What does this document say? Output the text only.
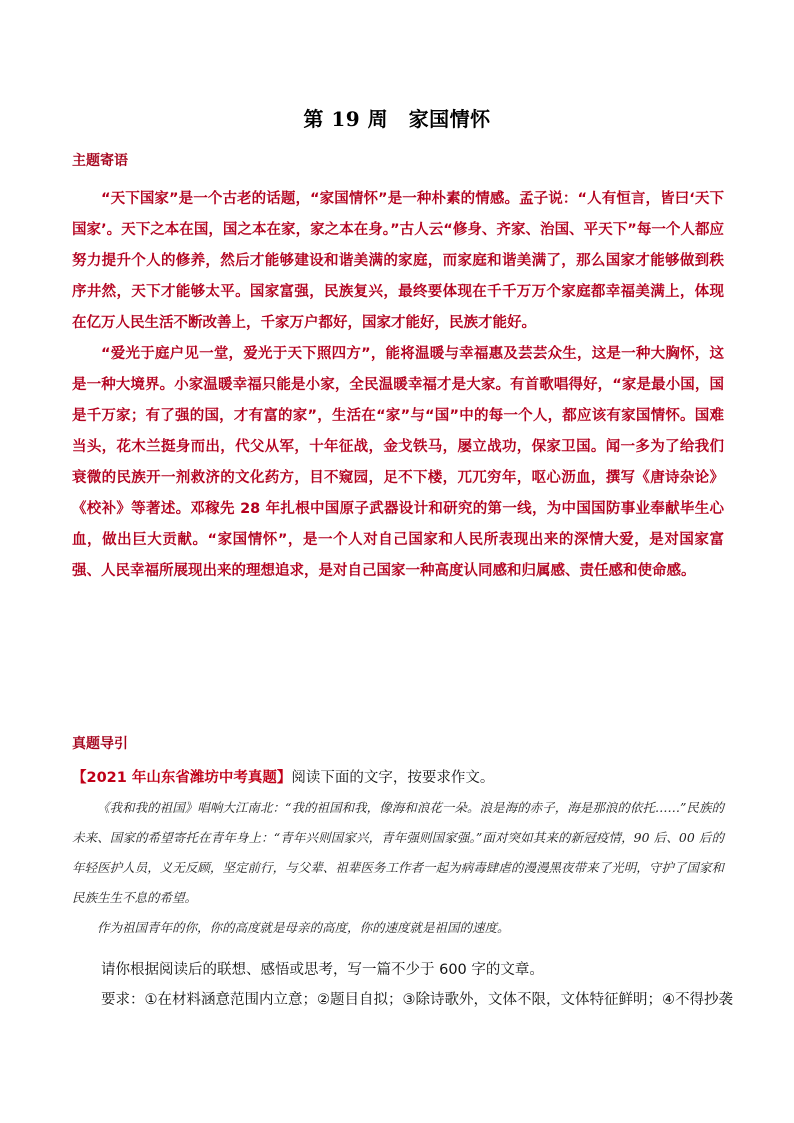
第 19 周　家国情怀
主题寄语

“天下国家”是一个古老的话题，“家国情怀”是一种朴素的情感。孟子说：“人有恒言，皆曰‘天下国家’。天下之本在国，国之本在家，家之本在身。”古人云“修身、齐家、治国、平天下”每一个人都应努力提升个人的修养，然后才能够建设和谐美满的家庭，而家庭和谐美满了，那么国家才能够做到秩序井然，天下才能够太平。国家富强，民族复兴，最终要体现在千千万万个家庭都幸福美满上，体现在亿万人民生活不断改善上，千家万户都好，国家才能好，民族才能好。

“爱光于庭户见一堂，爱光于天下照四方”，能将温暖与幸福惠及芸芸众生，这是一种大胸怀，这是一种大境界。小家温暖幸福只能是小家，全民温暖幸福才是大家。有首歌唱得好，“家是最小国，国是千万家；有了强的国，才有富的家”，生活在“家”与“国”中的每一个人，都应该有家国情怀。国难当头，花木兰挺身而出，代父从军，十年征战，金戈铁马，屡立战功，保家卫国。闻一多为了给我们衰微的民族开一剂救济的文化药方，目不窥园，足不下楼，兀兀穷年，呕心沥血，撰写《唐诗杂论》《校补》等著述。邓稼先 28 年扎根中国原子武器设计和研究的第一线，为中国国防事业奉献毕生心血，做出巨大贡献。“家国情怀”，是一个人对自己国家和人民所表现出来的深情大爱，是对国家富强、人民幸福所展现出来的理想追求，是对自己国家一种高度认同感和归属感、责任感和使命感。

真题导引
【2021 年山东省潍坊中考真题】阅读下面的文字，按要求作文。

《我和我的祖国》唱响大江南北：“我的祖国和我，像海和浪花一朵。浪是海的赤子，海是那浪的依托……”民族的未来、国家的希望寄托在青年身上：“青年兴则国家兴，青年强则国家强。”面对突如其来的新冠疫情，90 后、00 后的年轻医护人员，义无反顾，坚定前行，与父辈、祖辈医务工作者一起为病毒肆虐的漫漫黑夜带来了光明，守护了国家和民族生生不息的希望。

作为祖国青年的你，你的高度就是母亲的高度，你的速度就是祖国的速度。

请你根据阅读后的联想、感悟或思考，写一篇不少于 600 字的文章。

要求：①在材料涵意范围内立意；②题目自拟；③除诗歌外，文体不限，文体特征鲜明；④不得抄袭
